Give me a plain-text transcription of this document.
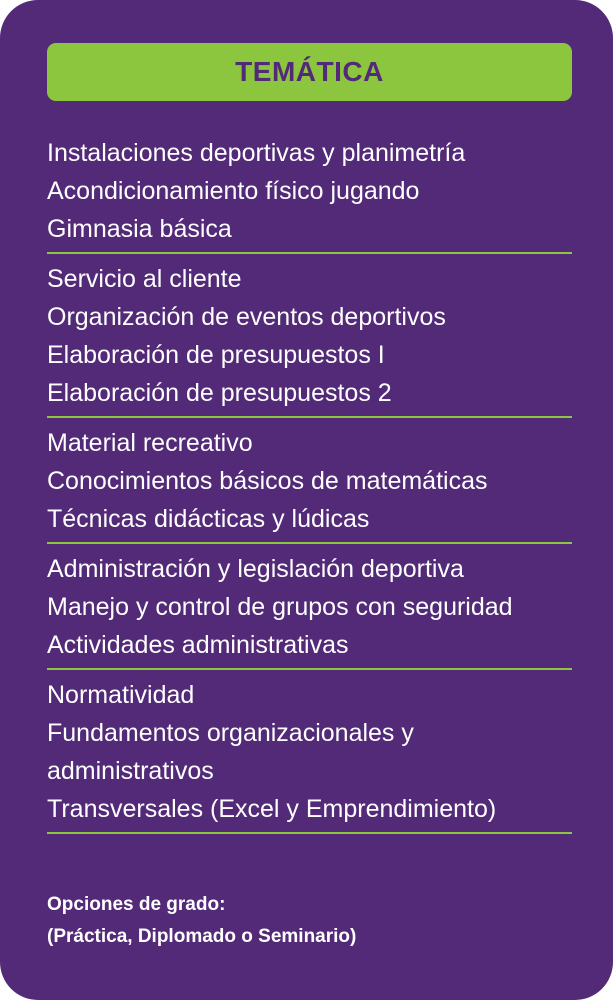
TEMÁTICA
Instalaciones deportivas y planimetría
Acondicionamiento físico jugando
Gimnasia básica
Servicio al cliente
Organización de eventos deportivos
Elaboración de presupuestos I
Elaboración de presupuestos 2
Material recreativo
Conocimientos básicos de matemáticas
Técnicas didácticas y lúdicas
Administración y legislación deportiva
Manejo y control de grupos con seguridad
Actividades administrativas
Normatividad
Fundamentos organizacionales y
administrativos
Transversales (Excel y Emprendimiento)
Opciones de grado:
(Práctica, Diplomado o Seminario)
